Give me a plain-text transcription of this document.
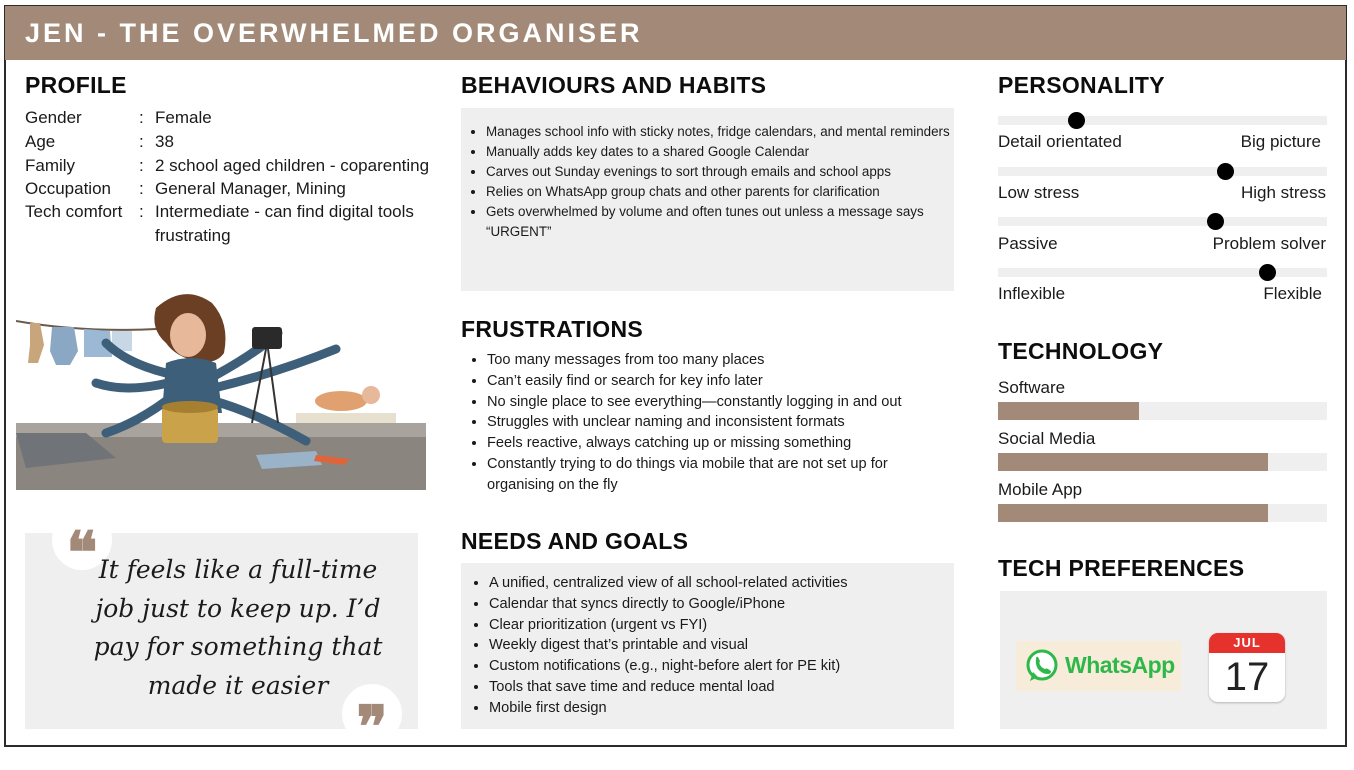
JEN - THE OVERWHELMED ORGANISER
PROFILE
Gender	: Female
Age	: 38
Family	: 2 school aged children - coparenting
Occupation	: General Manager, Mining
Tech comfort : Intermediate - can find digital tools frustrating
❝ It feels like a full-time job just to keep up. I’d pay for something that made it easier
❞
BEHAVIOURS AND HABITS
• Manages school info with sticky notes, fridge calendars, and mental reminders
• Manually adds key dates to a shared Google Calendar
• Carves out Sunday evenings to sort through emails and school apps
• Relies on WhatsApp group chats and other parents for clarification
• Gets overwhelmed by volume and often tunes out unless a message says “URGENT”
FRUSTRATIONS
• Too many messages from too many places
• Can’t easily find or search for key info later
• No single place to see everything—constantly logging in and out
• Struggles with unclear naming and inconsistent formats
• Feels reactive, always catching up or missing something
• Constantly trying to do things via mobile that are not set up for organising on the fly
NEEDS AND GOALS
• A unified, centralized view of all school-related activities
• Calendar that syncs directly to Google/iPhone
• Clear prioritization (urgent vs FYI)
• Weekly digest that’s printable and visual
• Custom notifications (e.g., night-before alert for PE kit)
• Tools that save time and reduce mental load
• Mobile first design
PERSONALITY
Detail orientated	Big picture
Low stress	High stress
Passive	Problem solver
Inflexible	Flexible
TECHNOLOGY
Software
Social Media
Mobile App
TECH PREFERENCES
WhatsApp
JUL
17
